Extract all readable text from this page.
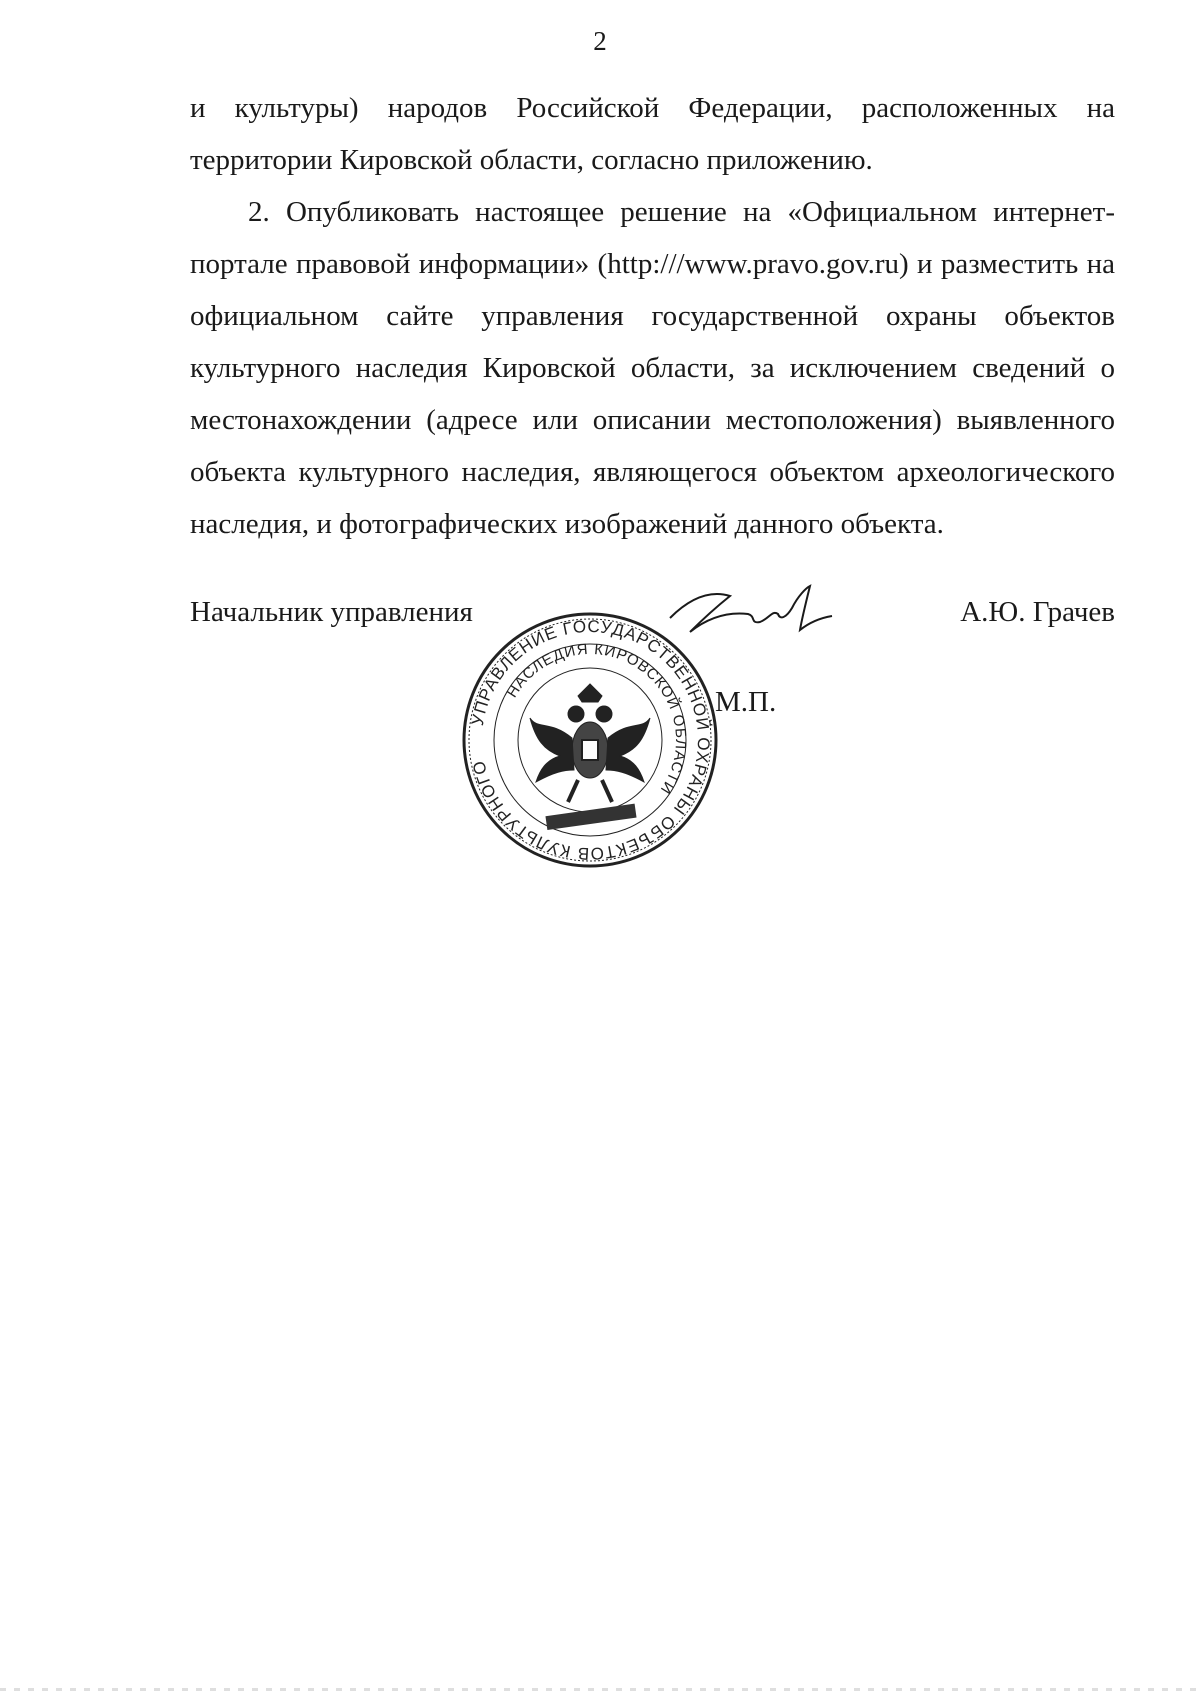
2

и культуры) народов Российской Федерации, расположенных на территории Кировской области, согласно приложению.

2. Опубликовать настоящее решение на «Официальном интернет- портале правовой информации» (http:///www.pravo.gov.ru) и разместить на официальном сайте управления государственной охраны объектов культурного наследия Кировской области, за исключением сведений о местонахождении (адресе или описании местоположения) выявленного объекта культурного наследия, являющегося объектом археологического наследия, и фотографических изображений данного объекта.

Начальник управления	А.Ю. Грачев
УПРАВЛЕНИЕ ГОСУДАРСТВЕННОЙ ОХРАНЫ ОБЪЕКТОВ КУЛЬТУРНОГО
НАСЛЕДИЯ КИРОВСКОЙ ОБЛАСТИ
М.П.
